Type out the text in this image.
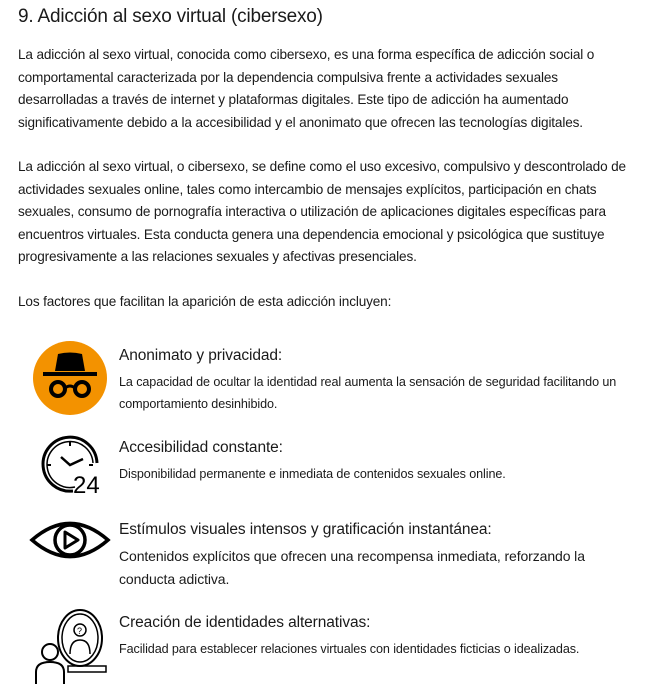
9. Adicción al sexo virtual (cibersexo)

La adicción al sexo virtual, conocida como cibersexo, es una forma específica de adicción social o comportamental caracterizada por la dependencia compulsiva frente a actividades sexuales desarrolladas a través de internet y plataformas digitales. Este tipo de adicción ha aumentado significativamente debido a la accesibilidad y el anonimato que ofrecen las tecnologías digitales.

La adicción al sexo virtual, o cibersexo, se define como el uso excesivo, compulsivo y descontrolado de actividades sexuales online, tales como intercambio de mensajes explícitos, participación en chats sexuales, consumo de pornografía interactiva o utilización de aplicaciones digitales específicas para encuentros virtuales. Esta conducta genera una dependencia emocional y psicológica que sustituye progresivamente a las relaciones sexuales y afectivas presenciales.

Los factores que facilitan la aparición de esta adicción incluyen:

Anonimato y privacidad:
La capacidad de ocultar la identidad real aumenta la sensación de seguridad facilitando un comportamiento desinhibido.
24
Accesibilidad constante:
Disponibilidad permanente e inmediata de contenidos sexuales online.
Estímulos visuales intensos y gratificación instantánea:
Contenidos explícitos que ofrecen una recompensa inmediata, reforzando la conducta adictiva.
? Creación de identidades alternativas:
Facilidad para establecer relaciones virtuales con identidades ficticias o idealizadas.
